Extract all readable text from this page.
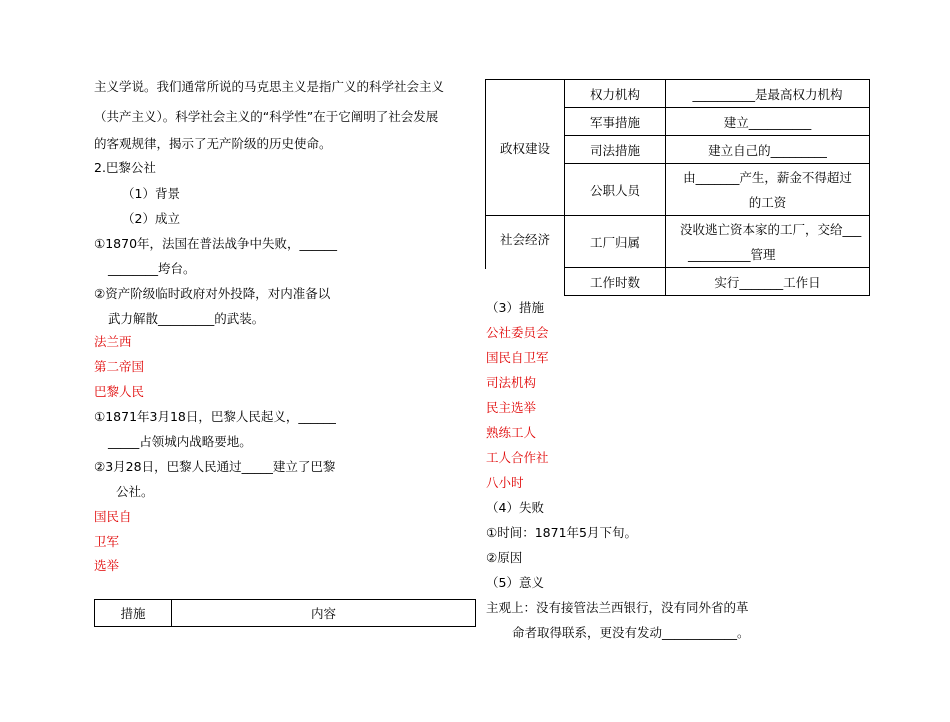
主义学说。我们通常所说的马克思主义是指广义的科学社会主义
（共产主义）。科学社会主义的“科学性”在于它阐明了社会发展
的客观规律，揭示了无产阶级的历史使命。
2.巴黎公社
（1）背景
（2）成立
①1870年，法国在普法战争中失败，______
________垮台。
②资产阶级临时政府对外投降，对内准备以
武力解散_________的武装。
法兰西
第二帝国
巴黎人民
①1871年3月18日，巴黎人民起义，______
_____占领城内战略要地。
②3月28日，巴黎人民通过_____建立了巴黎
公社。
国民自
卫军
选举
措施	内容
政权建设	权力机构	__________是最高权力机构
	军事措施	建立__________
	司法措施	建立自己的_________
	公职人员	由_______产生，薪金不得超过
的工资

社会经济	工厂归属	没收逃亡资本家的工厂，交给___
__________管理

	工作时数	实行_______工作日
（3）措施
公社委员会
国民自卫军
司法机构
民主选举
熟练工人
工人合作社
八小时
（4）失败
①时间：1871年5月下旬。
②原因
（5）意义
主观上：没有接管法兰西银行，没有同外省的革
命者取得联系，更没有发动____________。
